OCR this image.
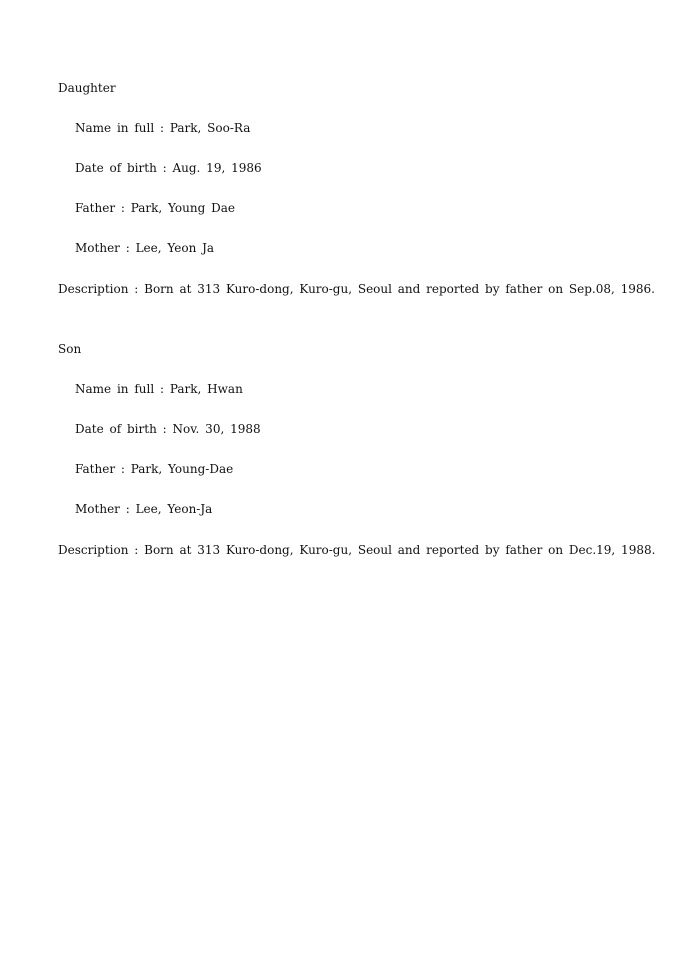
Daughter
Name in full : Park, Soo-Ra
Date of birth : Aug. 19, 1986
Father : Park, Young Dae
Mother : Lee, Yeon Ja
Description : Born at 313 Kuro-dong, Kuro-gu, Seoul and reported by father on Sep.08, 1986.
Son
Name in full : Park, Hwan
Date of birth : Nov. 30, 1988
Father : Park, Young-Dae
Mother : Lee, Yeon-Ja
Description : Born at 313 Kuro-dong, Kuro-gu, Seoul and reported by father on Dec.19, 1988.
